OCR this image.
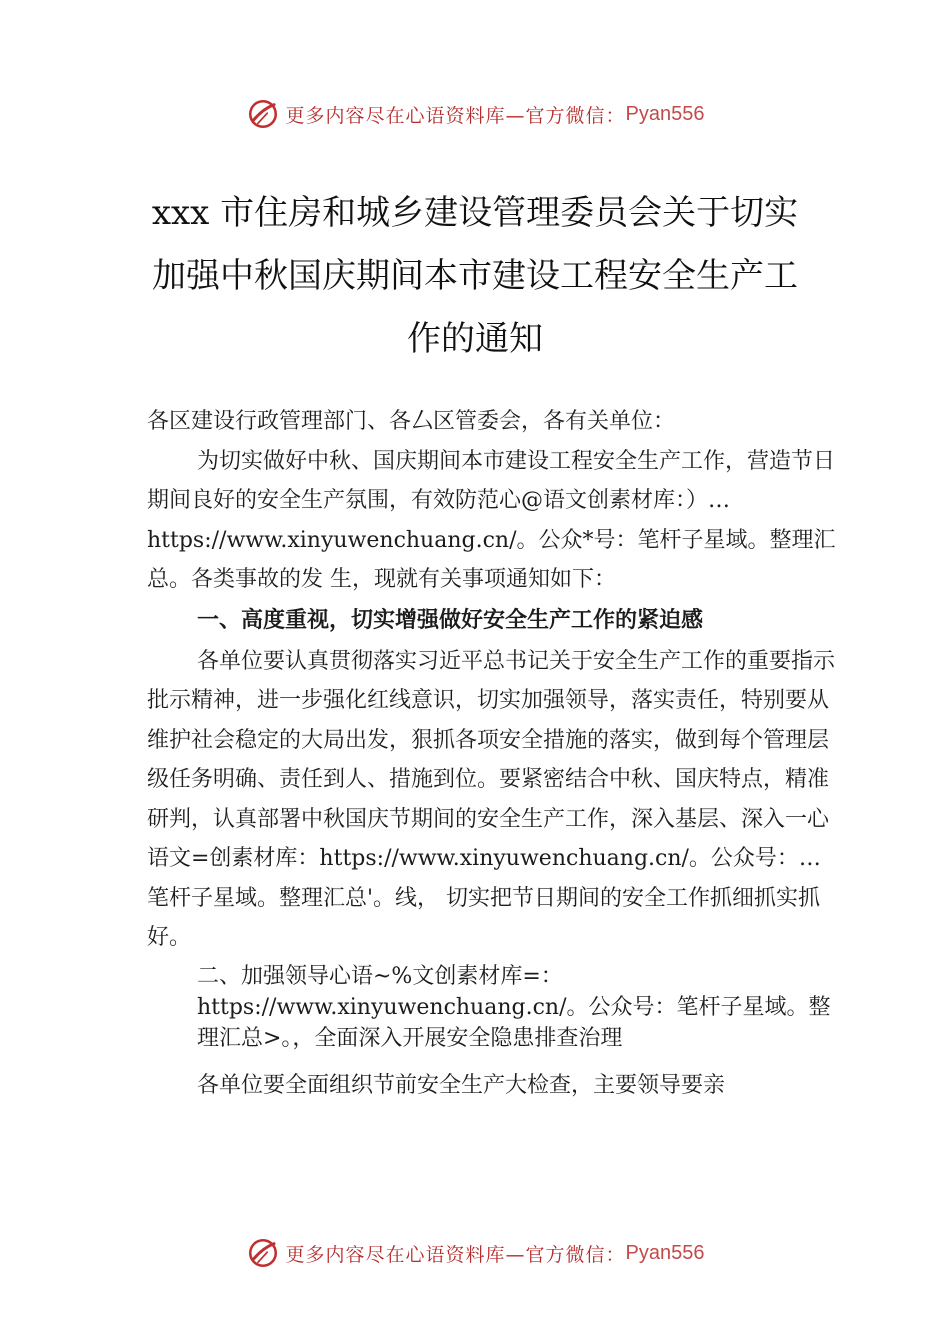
更多内容尽在心语资料库—官方微信： Pyan556
xxx 市住房和城乡建设管理委员会关于切实加强中秋国庆期间本市建设工程安全生产工作的通知

各区建设行政管理部门、各⼛区管委会，各有关单位：

为切实做好中秋、国庆期间本市建设工程安全生产工作，营造节日期间良好的安全生产氛围，有效防范心@语文创素材库：）…https://www.xinyuwenchuang.cn/。公众*号：笔杆子星域。整理汇总。各类事故的发 生，现就有关事项通知如下：

一、高度重视，切实增强做好安全生产工作的紧迫感

各单位要认真贯彻落实习近平总书记关于安全生产工作的重要指示批示精神，进一步强化红线意识，切实加强领导，落实责任，特别要从维护社会稳定的大局出发，狠抓各项安全措施的落实，做到每个管理层级任务明确、责任到人、措施到位。要紧密结合中秋、国庆特点，精准研判，认真部署中秋国庆节期间的安全生产工作，深入基层、深入一心语文=创素材库：https://www.xinyuwenchuang.cn/。公众号：…笔杆子星域。整理汇总'。线， 切实把节日期间的安全工作抓细抓实抓好。

二、加强领导心语~%文创素材库=：https://www.xinyuwenchuang.cn/。公众号：笔杆子星域。整理汇总>。，全面深入开展安全隐患排查治理

各单位要全面组织节前安全生产大检查，主要领导要亲

更多内容尽在心语资料库—官方微信： Pyan556
